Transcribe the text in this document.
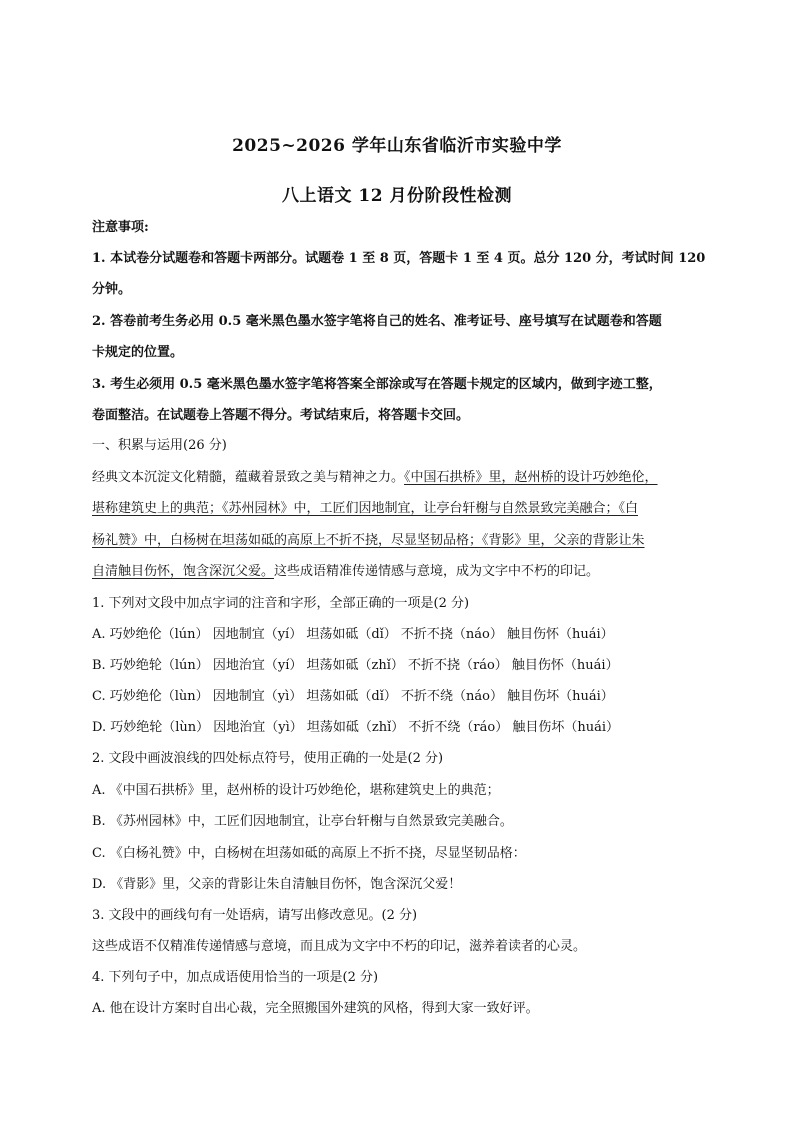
2025~2026 学年山东省临沂市实验中学
八上语文 12 月份阶段性检测
注意事项:
1. 本试卷分试题卷和答题卡两部分。试题卷 1 至 8 页，答题卡 1 至 4 页。总分 120 分，考试时间 120
分钟。
2. 答卷前考生务必用 0.5 毫米黑色墨水签字笔将自己的姓名、准考证号、座号填写在试题卷和答题
卡规定的位置。
3. 考生必须用 0.5 毫米黑色墨水签字笔将答案全部涂或写在答题卡规定的区域内，做到字迹工整，
卷面整洁。在试题卷上答题不得分。考试结束后，将答题卡交回。
一、积累与运用(26 分)
经典文本沉淀文化精髓，蕴藏着景致之美与精神之力。《中国石拱桥》里，赵州桥的设计巧妙绝伦，
堪称建筑史上的典范；《苏州园林》中，工匠们因地制宜，让亭台轩榭与自然景致完美融合；《白
杨礼赞》中，白杨树在坦荡如砥的高原上不折不挠，尽显坚韧品格；《背影》里，父亲的背影让朱
自清触目伤怀，饱含深沉父爱。这些成语精准传递情感与意境，成为文字中不朽的印记。
1. 下列对文段中加点字词的注音和字形，全部正确的一项是(2 分)
A. 巧妙绝伦（lún） 因地制宜（yí） 坦荡如砥（dǐ） 不折不挠（náo） 触目伤怀（huái）
B. 巧妙绝轮（lún） 因地治宜（yí） 坦荡如砥（zhǐ） 不折不挠（ráo） 触目伤怀（huái）
C. 巧妙绝伦（lùn） 因地制宜（yì） 坦荡如砥（dǐ） 不折不绕（náo） 触目伤坏（huái）
D. 巧妙绝轮（lùn） 因地治宜（yì） 坦荡如砥（zhǐ） 不折不绕（ráo） 触目伤坏（huái）
2. 文段中画波浪线的四处标点符号，使用正确的一处是(2 分)
A. 《中国石拱桥》里，赵州桥的设计巧妙绝伦，堪称建筑史上的典范；
B. 《苏州园林》中，工匠们因地制宜，让亭台轩榭与自然景致完美融合。
C. 《白杨礼赞》中，白杨树在坦荡如砥的高原上不折不挠，尽显坚韧品格：
D. 《背影》里，父亲的背影让朱自清触目伤怀，饱含深沉父爱！
3. 文段中的画线句有一处语病，请写出修改意见。(2 分)
这些成语不仅精准传递情感与意境，而且成为文字中不朽的印记，滋养着读者的心灵。
4. 下列句子中，加点成语使用恰当的一项是(2 分)
A. 他在设计方案时自出心裁，完全照搬国外建筑的风格，得到大家一致好评。
